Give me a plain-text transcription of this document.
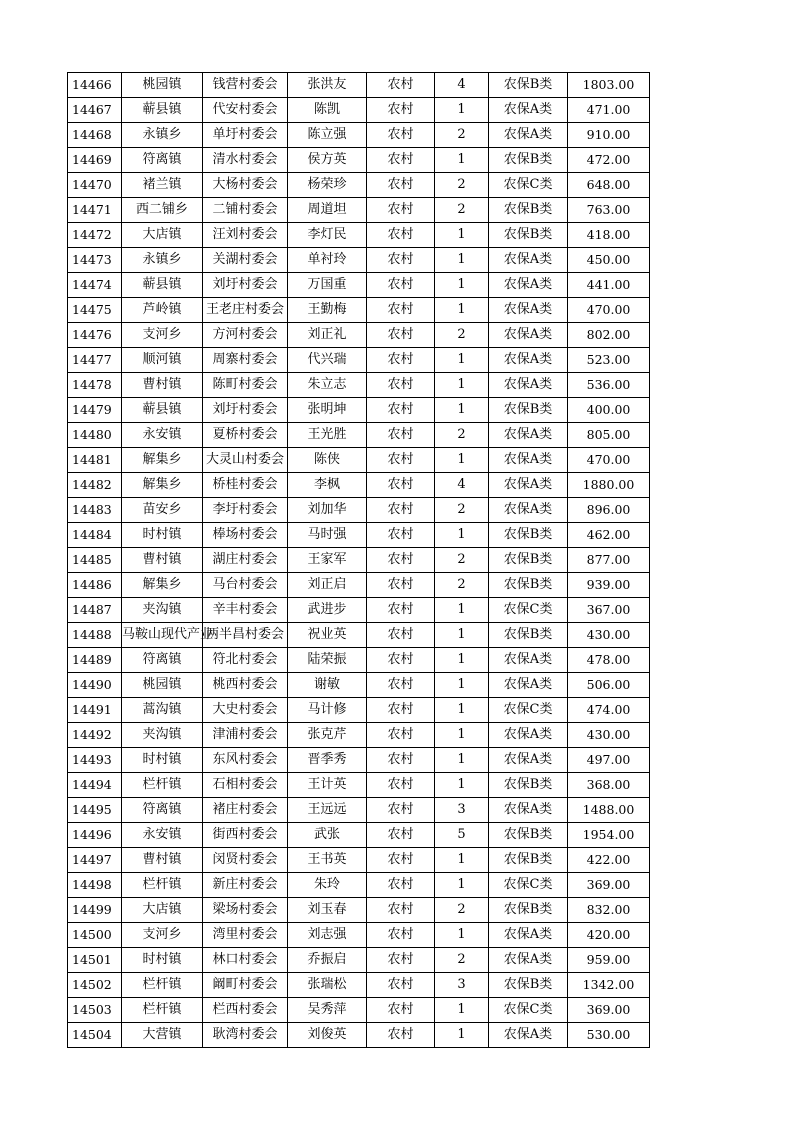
14466	桃园镇	钱营村委会	张洪友	农村	4	农保B类	1803.00
14467	蕲县镇	代安村委会	陈凯	农村	1	农保A类	471.00
14468	永镇乡	单圩村委会	陈立强	农村	2	农保A类	910.00
14469	符离镇	清水村委会	侯方英	农村	1	农保B类	472.00
14470	褚兰镇	大杨村委会	杨荣珍	农村	2	农保C类	648.00
14471	西二铺乡	二铺村委会	周道坦	农村	2	农保B类	763.00
14472	大店镇	汪刘村委会	李灯民	农村	1	农保B类	418.00
14473	永镇乡	关湖村委会	单衬玲	农村	1	农保A类	450.00
14474	蕲县镇	刘圩村委会	万国重	农村	1	农保A类	441.00
14475	芦岭镇	王老庄村委会	王勤梅	农村	1	农保A类	470.00
14476	支河乡	方河村委会	刘正礼	农村	2	农保A类	802.00
14477	顺河镇	周寨村委会	代兴瑞	农村	1	农保A类	523.00
14478	曹村镇	陈町村委会	朱立志	农村	1	农保A类	536.00
14479	蕲县镇	刘圩村委会	张明坤	农村	1	农保B类	400.00
14480	永安镇	夏桥村委会	王光胜	农村	2	农保A类	805.00
14481	解集乡	大灵山村委会	陈侠	农村	1	农保A类	470.00
14482	解集乡	桥桂村委会	李枫	农村	4	农保A类	1880.00
14483	苗安乡	李圩村委会	刘加华	农村	2	农保A类	896.00
14484	时村镇	棒场村委会	马时强	农村	1	农保B类	462.00
14485	曹村镇	湖庄村委会	王家军	农村	2	农保B类	877.00
14486	解集乡	马台村委会	刘正启	农村	2	农保B类	939.00
14487	夹沟镇	辛丰村委会	武进步	农村	1	农保C类	367.00
14488	马鞍山现代产业	两半昌村委会	祝业英	农村	1	农保B类	430.00
14489	符离镇	符北村委会	陆荣振	农村	1	农保A类	478.00
14490	桃园镇	桃西村委会	谢敏	农村	1	农保A类	506.00
14491	蒿沟镇	大史村委会	马计修	农村	1	农保C类	474.00
14492	夹沟镇	津浦村委会	张克芹	农村	1	农保A类	430.00
14493	时村镇	东风村委会	晋季秀	农村	1	农保A类	497.00
14494	栏杆镇	石相村委会	王计英	农村	1	农保B类	368.00
14495	符离镇	褚庄村委会	王远远	农村	3	农保A类	1488.00
14496	永安镇	街西村委会	武张	农村	5	农保B类	1954.00
14497	曹村镇	闵贤村委会	王书英	农村	1	农保B类	422.00
14498	栏杆镇	新庄村委会	朱玲	农村	1	农保C类	369.00
14499	大店镇	梁场村委会	刘玉春	农村	2	农保B类	832.00
14500	支河乡	湾里村委会	刘志强	农村	1	农保A类	420.00
14501	时村镇	林口村委会	乔振启	农村	2	农保A类	959.00
14502	栏杆镇	阚町村委会	张瑞松	农村	3	农保B类	1342.00
14503	栏杆镇	栏西村委会	吴秀萍	农村	1	农保C类	369.00
14504	大营镇	耿湾村委会	刘俊英	农村	1	农保A类	530.00
